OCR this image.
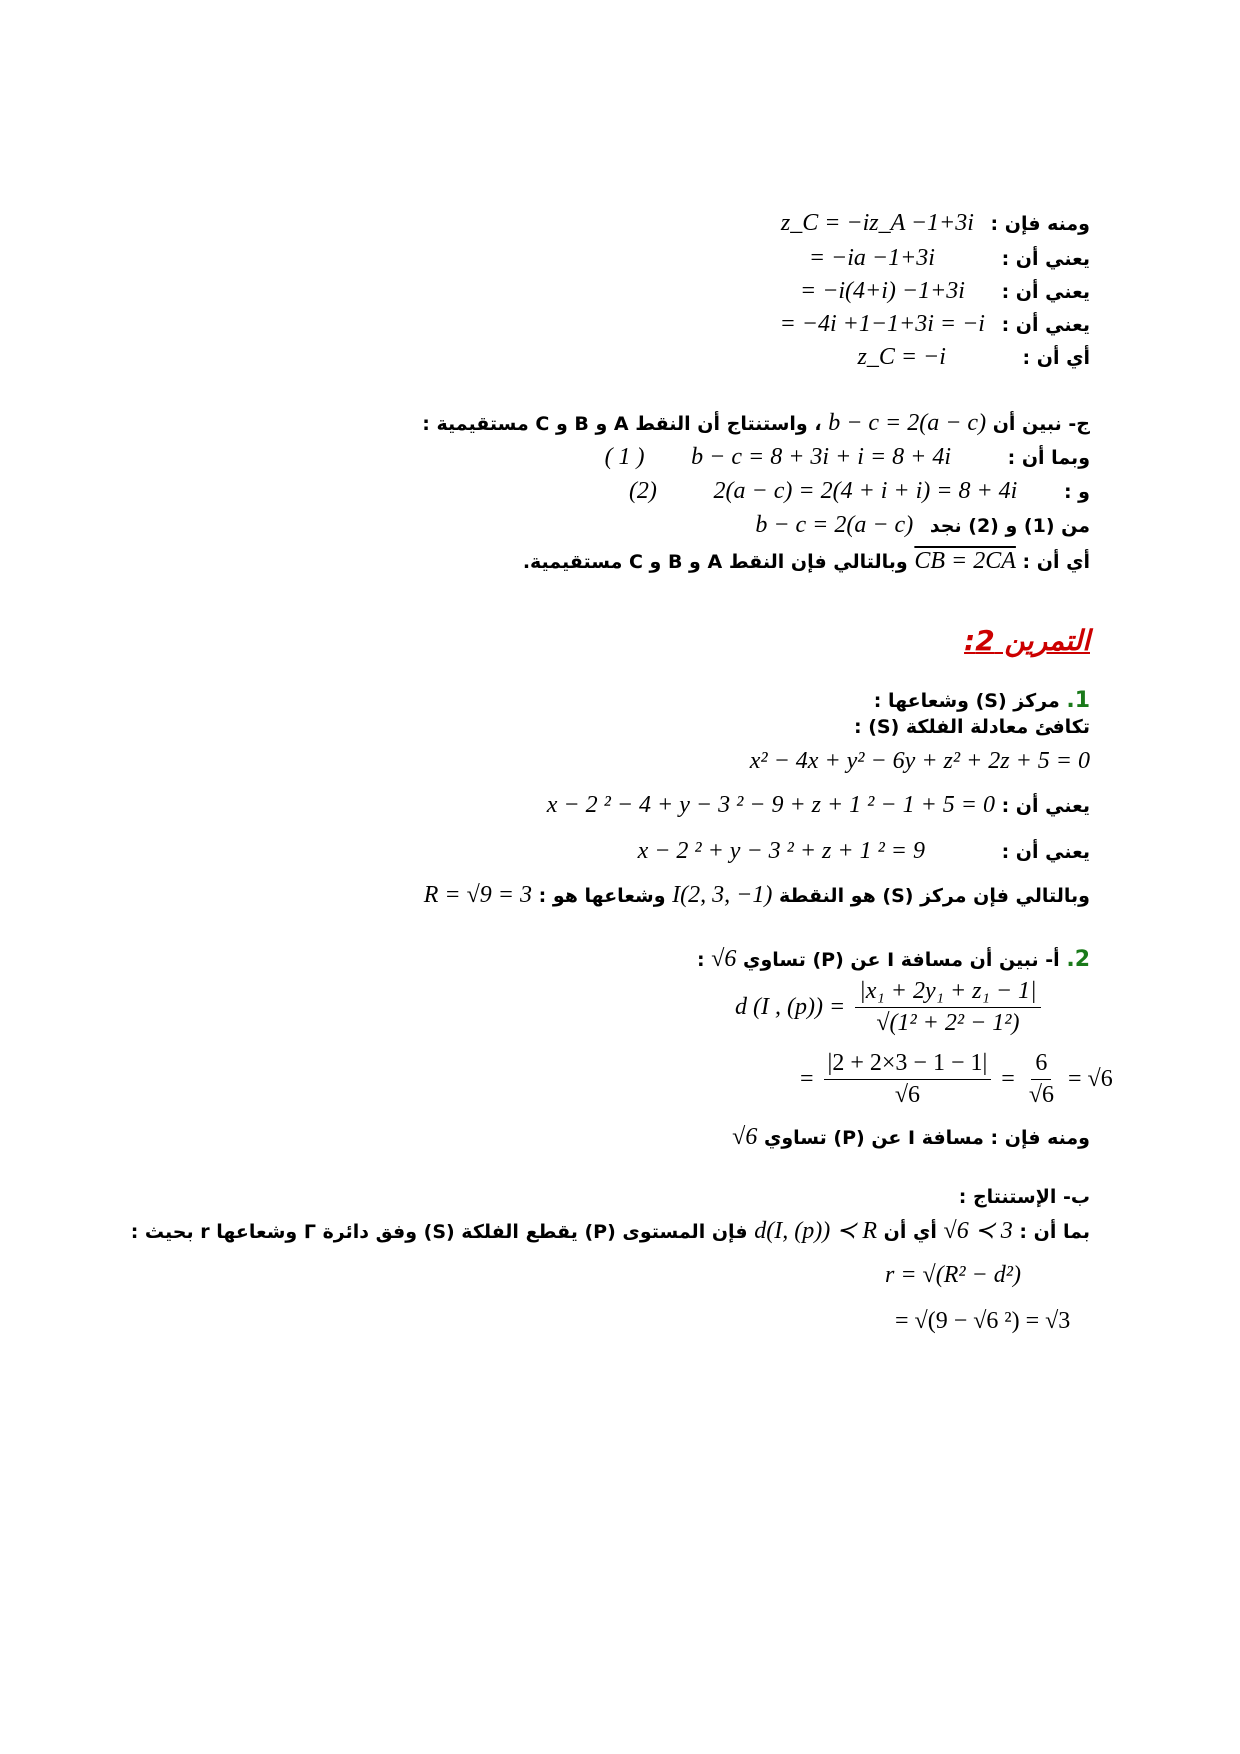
ومنه فإن : z_C = −iz_A −1+3i
يعني أن : = −ia −1+3i
يعني أن : = −i(4+i) −1+3i
يعني أن : = −4i +1−1+3i = −i
أي أن : z_C = −i
ج- نبين أن b − c = 2(a − c) ، واستنتاج أن النقط A و B و C مستقيمية :
وبما أن : b − c = 8 + 3i + i = 8 + 4i ( 1 )
و : 2(a − c) = 2(4 + i + i) = 8 + 4i (2)
من (1) و (2) نجد b − c = 2(a − c)
أي أن : CB = 2CA وبالتالي فإن النقط A و B و C مستقيمية.
التمرين 2:
1. مركز (S) وشعاعها :
تكافئ معادلة الفلكة (S) :
x² − 4x + y² − 6y + z² + 2z + 5 = 0
يعني أن : x − 2 ² − 4 + y − 3 ² − 9 + z + 1 ² − 1 + 5 = 0
يعني أن : x − 2 ² + y − 3 ² + z + 1 ² = 9
وبالتالي فإن مركز (S) هو النقطة I(2, 3, −1) وشعاعها هو : R = √9 = 3
2. أ- نبين أن مسافة I عن (P) تساوي √6 :
d (I , $(p)) = \frac{\text{|x₁ + 2y₁ + z₁ − 1|}}{\text{√(1² + 2² − 1²)}}$
= $\frac{|2 + 2\times 3 - 1 - 1|}{√6} = \frac{6}{√6} = √6$
ومنه فإن : مسافة I عن (P) تساوي √6
ب- الإستنتاج :
بما أن : √6 ≺ 3 أي أن d(I, (p)) ≺ R فإن المستوى (P) يقطع الفلكة (S) وفق دائرة Γ وشعاعها r بحيث :
r = √(R² − d²)
= √(9 − √6 ²) = √3
